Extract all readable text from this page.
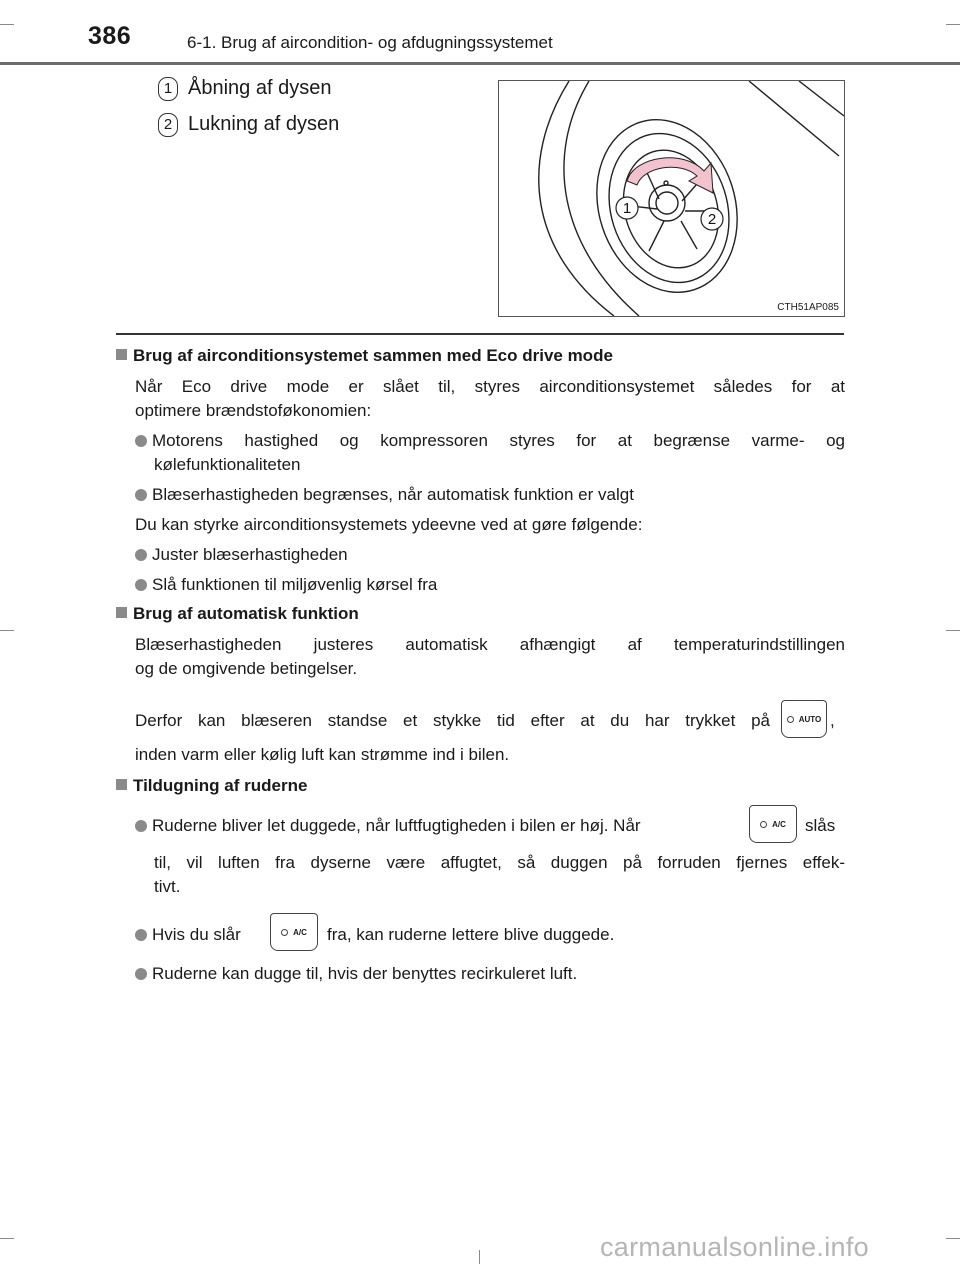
386	6-1. Brug af aircondition- og afdugningssystemet
1 Åbning af dysen
2 Lukning af dysen
1
2
CTH51AP085
Brug af airconditionsystemet sammen med Eco drive mode
Når Eco drive mode er slået til, styres airconditionsystemet således for at
optimere brændstoføkonomien:
Motorens hastighed og kompressoren styres for at begrænse varme- og
kølefunktionaliteten
Blæserhastigheden begrænses, når automatisk funktion er valgt
Du kan styrke airconditionsystemets ydeevne ved at gøre følgende:
Juster blæserhastigheden
Slå funktionen til miljøvenlig kørsel fra
Brug af automatisk funktion
Blæserhastigheden justeres automatisk afhængigt af temperaturindstillingen
og de omgivende betingelser.
Derfor kan blæseren standse et stykke tid efter at du har trykket på	AUTO ,
inden varm eller kølig luft kan strømme ind i bilen.
Tildugning af ruderne
Ruderne bliver let duggede, når luftfugtigheden i bilen er høj. Når	A/C slås
til, vil luften fra dyserne være affugtet, så duggen på forruden fjernes effek-
tivt.
Hvis du slår	A/C fra, kan ruderne lettere blive duggede.
Ruderne kan dugge til, hvis der benyttes recirkuleret luft.
carmanualsonline.info
